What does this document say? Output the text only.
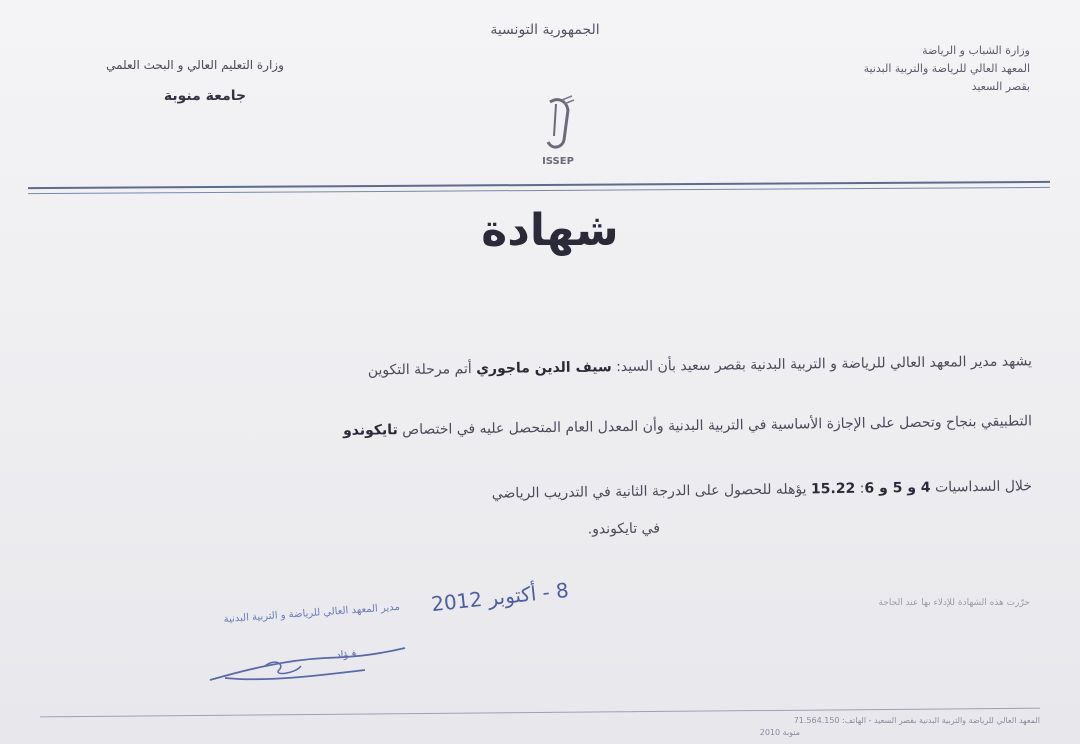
الجمهورية التونسية
وزارة التعليم العالي و البحث العلمي
جامعة منوبة
وزارة الشباب و الرياضة
المعهد العالي للرياضة والتربية البدنية
بقصر السعيد
ISSEP
شهادة
يشهد مدير المعهد العالي للرياضة و التربية البدنية بقصر سعيد بأن السيد: سيف الدين ماجوري أتم مرحلة التكوين
التطبيقي بنجاح وتحصل على الإجازة الأساسية في التربية البدنية وأن المعدل العام المتحصل عليه في اختصاص تايكوندو
خلال السداسيات 4 و 5 و 6: 15.22 يؤهله للحصول على الدرجة الثانية في التدريب الرياضي
في تايكوندو.
8 - أكتوبر 2012
مدير المعهد العالي للرياضة و التربية البدنية
فـؤاد ...
حرّرت هذه الشهادة للإدلاء بها عند الحاجة
المعهد العالي للرياضة والتربية البدنية بقصر السعيد - الهاتف: 71.564.150
منوبة 2010
